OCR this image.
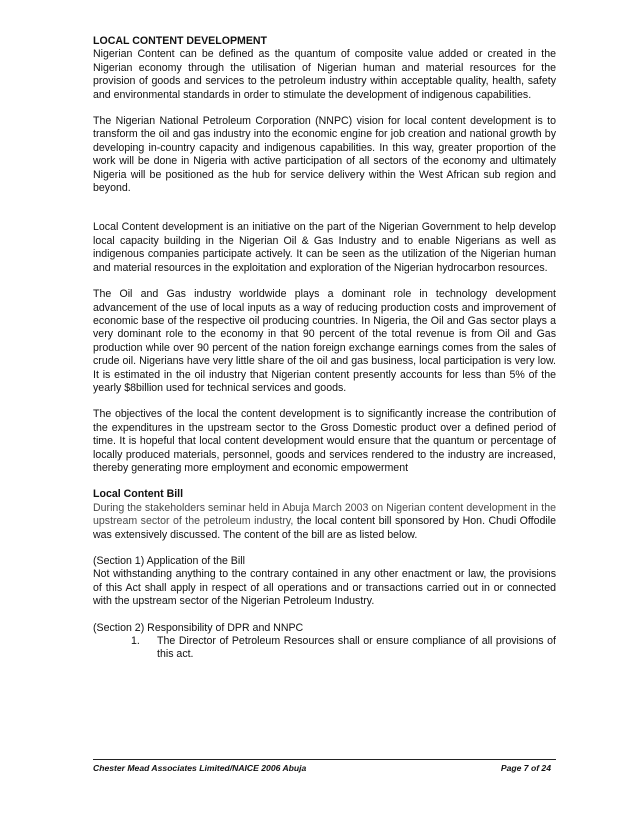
LOCAL CONTENT DEVELOPMENT

Nigerian Content can be defined as the quantum of composite value added or created in the Nigerian economy through the utilisation of Nigerian human and material resources for the provision of goods and services to the petroleum industry within acceptable quality, health, safety and environmental standards in order to stimulate the development of indigenous capabilities.

The Nigerian National Petroleum Corporation (NNPC) vision for local content development is to transform the oil and gas industry into the economic engine for job creation and national growth by developing in-country capacity and indigenous capabilities. In this way, greater proportion of the work will be done in Nigeria with active participation of all sectors of the economy and ultimately Nigeria will be positioned as the hub for service delivery within the West African sub region and beyond.

Local Content development is an initiative on the part of the Nigerian Government to help develop local capacity building in the Nigerian Oil & Gas Industry and to enable Nigerians as well as indigenous companies participate actively. It can be seen as the utilization of the Nigerian human and material resources in the exploitation and exploration of the Nigerian hydrocarbon resources.

The Oil and Gas industry worldwide plays a dominant role in technology development advancement of the use of local inputs as a way of reducing production costs and improvement of economic base of the respective oil producing countries. In Nigeria, the Oil and Gas sector plays a very dominant role to the economy in that 90 percent of the total revenue is from Oil and Gas production while over 90 percent of the nation foreign exchange earnings comes from the sales of crude oil. Nigerians have very little share of the oil and gas business, local participation is very low. It is estimated in the oil industry that Nigerian content presently accounts for less than 5% of the yearly $8billion used for technical services and goods.

The objectives of the local the content development is to significantly increase the contribution of the expenditures in the upstream sector to the Gross Domestic product over a defined period of time. It is hopeful that local content development would ensure that the quantum or percentage of locally produced materials, personnel, goods and services rendered to the industry are increased, thereby generating more employment and economic empowerment

Local Content Bill

During the stakeholders seminar held in Abuja March 2003 on Nigerian content development in the upstream sector of the petroleum industry, the local content bill sponsored by Hon. Chudi Offodile was extensively discussed. The content of the bill are as listed below.

(Section 1) Application of the Bill

Not withstanding anything to the contrary contained in any other enactment or law, the provisions of this Act shall apply in respect of all operations and or transactions carried out in or connected with the upstream sector of the Nigerian Petroleum Industry.

(Section 2) Responsibility of DPR and NNPC
1. The Director of Petroleum Resources shall or ensure compliance of all provisions of this act.
Chester Mead Associates Limited/NAICE 2006 Abuja	Page 7 of 24
